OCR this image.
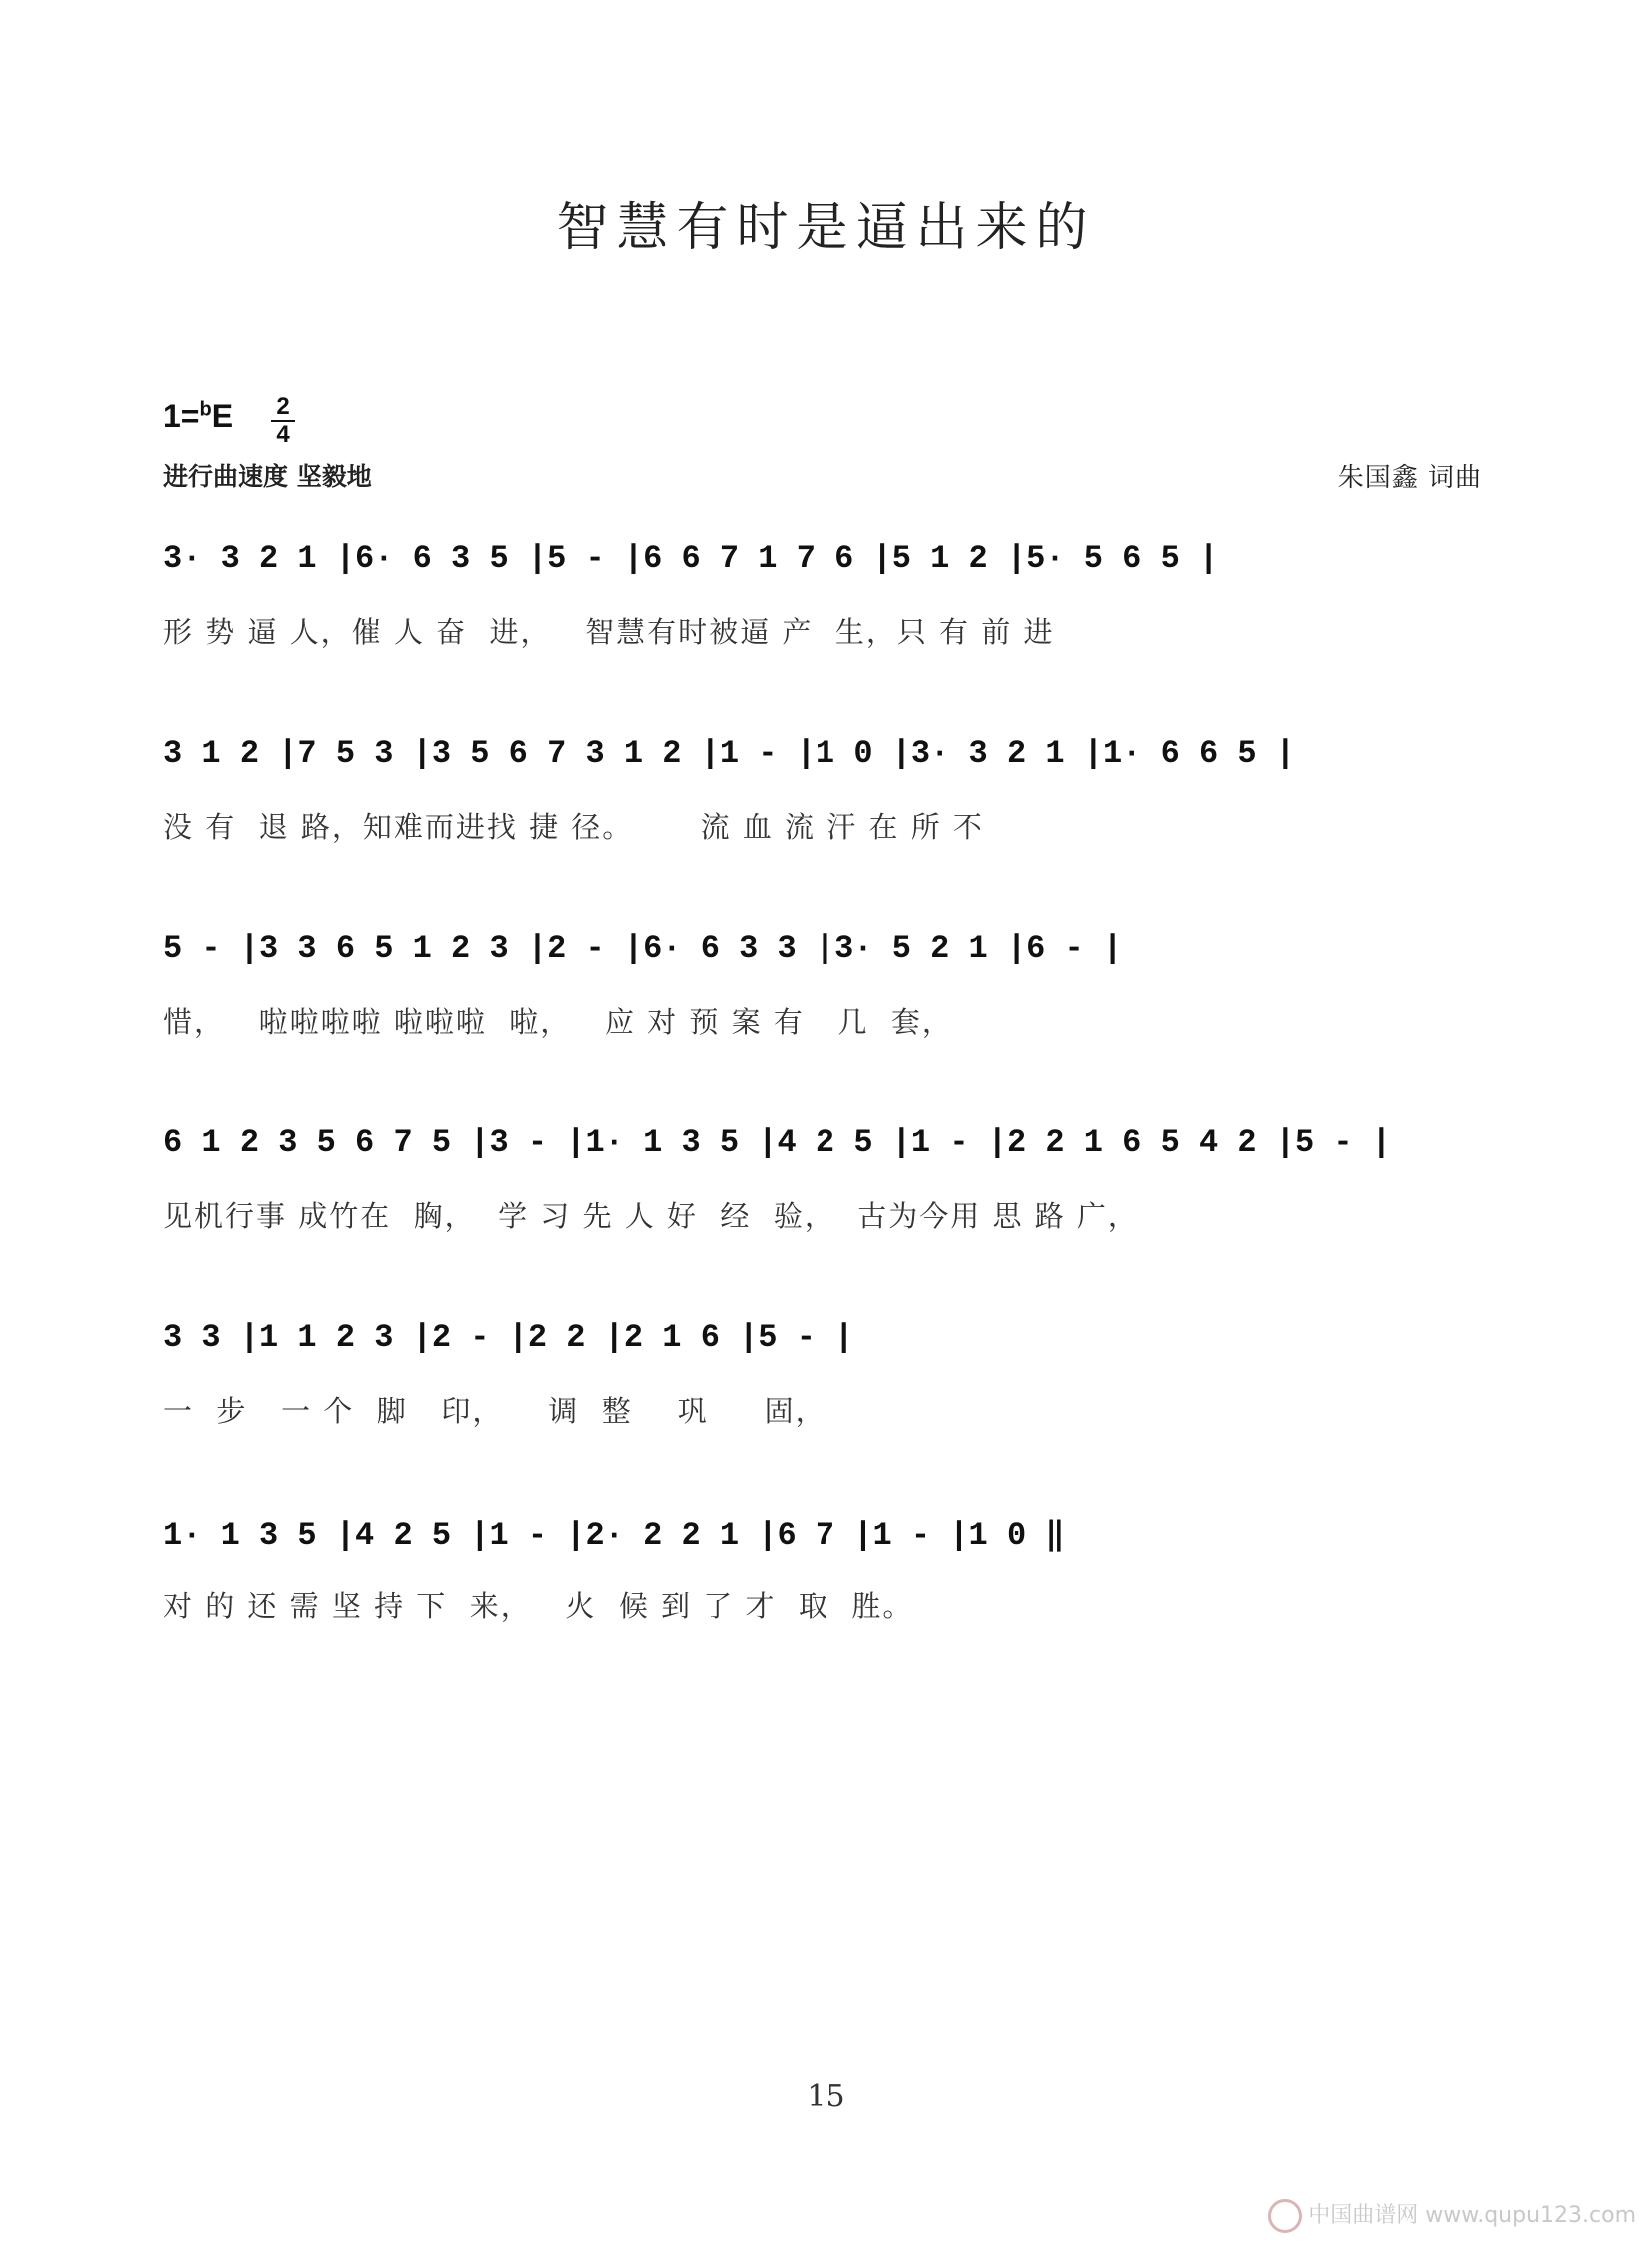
智慧有时是逼出来的
1=$^b$E 2
4
进行曲速度 坚毅地	朱国鑫 词曲
3· 3 2 1 |6· 6 3 5 |5 - |6 6 7 1 7 6 |5 1 2 |5· 5 6 5 |
形 势 逼 人，催 人 奋  进，   智慧有时被逼 产  生，只 有 前 进
3 1 2 |7 5 3 |3 5 6 7 3 1 2 |1 - |1 0 |3· 3 2 1 |1· 6 6 5 |
没 有  退 路，知难而进找 捷 径。      流 血 流 汗 在 所 不
5 - |3 3 6 5 1 2 3 |2 - |6· 6 3 3 |3· 5 2 1 |6 - |
惜，   啦啦啦啦 啦啦啦  啦，   应 对 预 案 有   几  套，
6 1 2 3 5 6 7 5 |3 - |1· 1 3 5 |4 2 5 |1 - |2 2 1 6 5 4 2 |5 - |
见机行事 成竹在  胸，  学 习 先 人 好  经  验，  古为今用 思 路 广，
3 3 |1 1 2 3 |2 - |2 2 |2 1 6 |5 - |
一  步   一 个  脚   印，    调  整    巩     固，
1· 1 3 5 |4 2 5 |1 - |2· 2 2 1 |6 7 |1 - |1 0 ‖
对 的 还 需 坚 持 下  来，   火  候 到 了 才  取  胜。
15
中国曲谱网 www.qupu123.com
